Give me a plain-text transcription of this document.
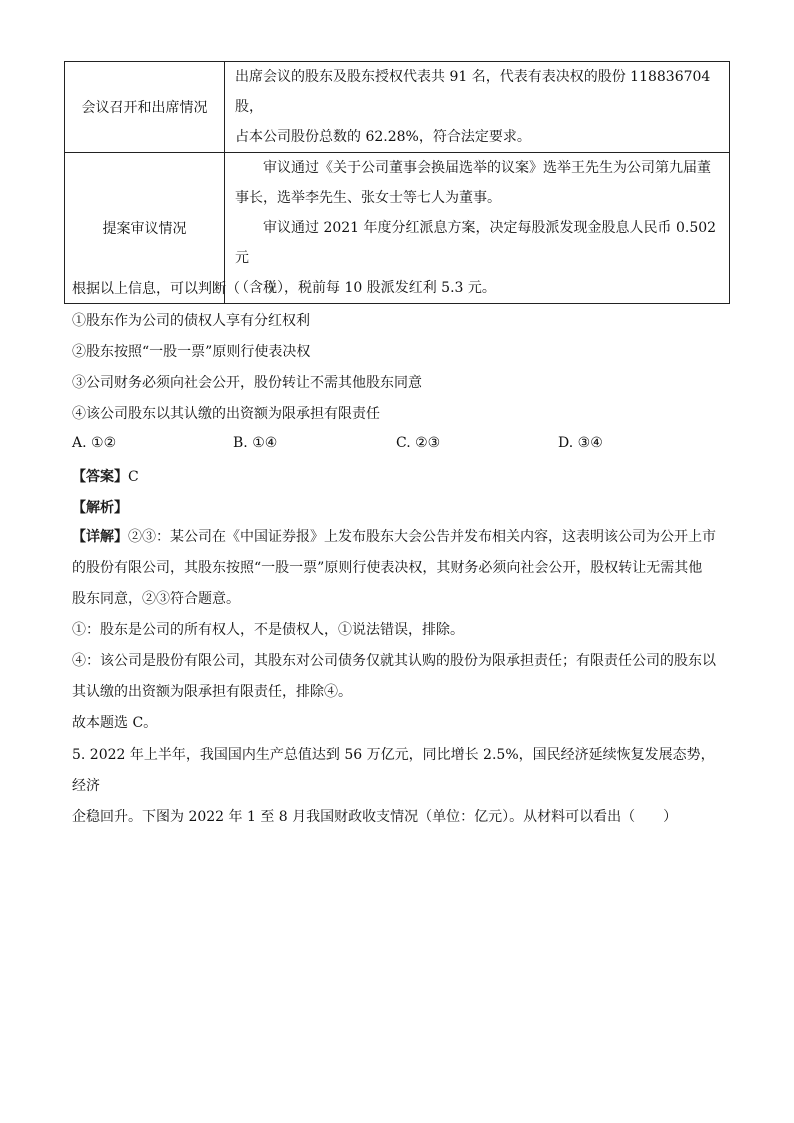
会议召开和出席情况	出席会议的股东及股东授权代表共 91 名，代表有表决权的股份 118836704 股，
占本公司股份总数的 62.28%，符合法定要求。

提案审议情况	审议通过《关于公司董事会换届选举的议案》选举王先生为公司第九届董
事长，选举李先生、张女士等七人为董事。
审议通过 2021 年度分红派息方案，决定每股派发现金股息人民币 0.502 元
（含税），税前每 10 股派发红利 5.3 元。
根据以上信息，可以判断（　　）
①股东作为公司的债权人享有分红权利
②股东按照“一股一票”原则行使表决权
③公司财务必须向社会公开，股份转让不需其他股东同意
④该公司股东以其认缴的出资额为限承担有限责任
A. ①②	B. ①④	C. ②③	D. ③④
【答案】C
【解析】
【详解】②③：某公司在《中国证券报》上发布股东大会公告并发布相关内容，这表明该公司为公开上市
的股份有限公司，其股东按照“一股一票”原则行使表决权，其财务必须向社会公开，股权转让无需其他
股东同意，②③符合题意。
①：股东是公司的所有权人，不是债权人，①说法错误，排除。
④：该公司是股份有限公司，其股东对公司债务仅就其认购的股份为限承担责任；有限责任公司的股东以
其认缴的出资额为限承担有限责任，排除④。
故本题选 C。
5. 2022 年上半年，我国国内生产总值达到 56 万亿元，同比增长 2.5%，国民经济延续恢复发展态势，经济
企稳回升。下图为 2022 年 1 至 8 月我国财政收支情况（单位：亿元）。从材料可以看出（　　）
